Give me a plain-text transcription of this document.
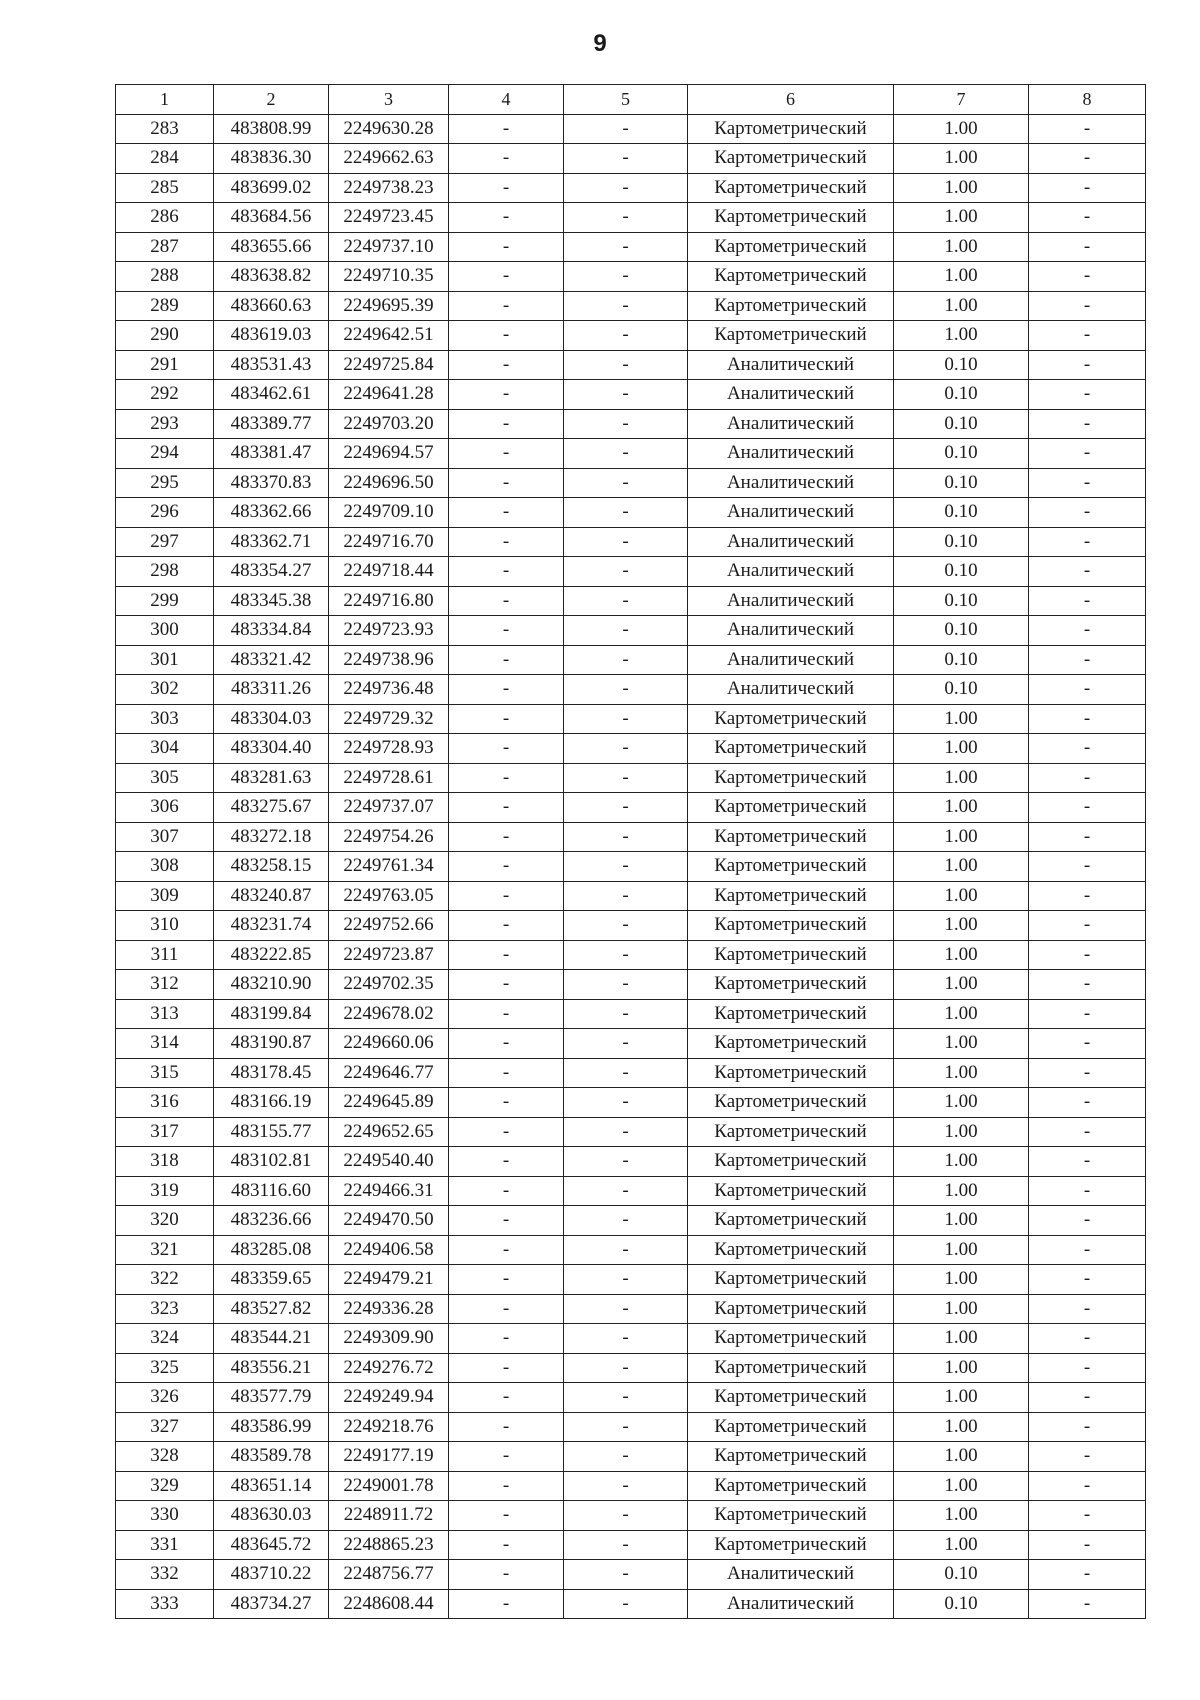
9
1	2	3	4	5	6	7	8
283	483808.99	2249630.28	-	-	Картометрический	1.00	-
284	483836.30	2249662.63	-	-	Картометрический	1.00	-
285	483699.02	2249738.23	-	-	Картометрический	1.00	-
286	483684.56	2249723.45	-	-	Картометрический	1.00	-
287	483655.66	2249737.10	-	-	Картометрический	1.00	-
288	483638.82	2249710.35	-	-	Картометрический	1.00	-
289	483660.63	2249695.39	-	-	Картометрический	1.00	-
290	483619.03	2249642.51	-	-	Картометрический	1.00	-
291	483531.43	2249725.84	-	-	Аналитический	0.10	-
292	483462.61	2249641.28	-	-	Аналитический	0.10	-
293	483389.77	2249703.20	-	-	Аналитический	0.10	-
294	483381.47	2249694.57	-	-	Аналитический	0.10	-
295	483370.83	2249696.50	-	-	Аналитический	0.10	-
296	483362.66	2249709.10	-	-	Аналитический	0.10	-
297	483362.71	2249716.70	-	-	Аналитический	0.10	-
298	483354.27	2249718.44	-	-	Аналитический	0.10	-
299	483345.38	2249716.80	-	-	Аналитический	0.10	-
300	483334.84	2249723.93	-	-	Аналитический	0.10	-
301	483321.42	2249738.96	-	-	Аналитический	0.10	-
302	483311.26	2249736.48	-	-	Аналитический	0.10	-
303	483304.03	2249729.32	-	-	Картометрический	1.00	-
304	483304.40	2249728.93	-	-	Картометрический	1.00	-
305	483281.63	2249728.61	-	-	Картометрический	1.00	-
306	483275.67	2249737.07	-	-	Картометрический	1.00	-
307	483272.18	2249754.26	-	-	Картометрический	1.00	-
308	483258.15	2249761.34	-	-	Картометрический	1.00	-
309	483240.87	2249763.05	-	-	Картометрический	1.00	-
310	483231.74	2249752.66	-	-	Картометрический	1.00	-
311	483222.85	2249723.87	-	-	Картометрический	1.00	-
312	483210.90	2249702.35	-	-	Картометрический	1.00	-
313	483199.84	2249678.02	-	-	Картометрический	1.00	-
314	483190.87	2249660.06	-	-	Картометрический	1.00	-
315	483178.45	2249646.77	-	-	Картометрический	1.00	-
316	483166.19	2249645.89	-	-	Картометрический	1.00	-
317	483155.77	2249652.65	-	-	Картометрический	1.00	-
318	483102.81	2249540.40	-	-	Картометрический	1.00	-
319	483116.60	2249466.31	-	-	Картометрический	1.00	-
320	483236.66	2249470.50	-	-	Картометрический	1.00	-
321	483285.08	2249406.58	-	-	Картометрический	1.00	-
322	483359.65	2249479.21	-	-	Картометрический	1.00	-
323	483527.82	2249336.28	-	-	Картометрический	1.00	-
324	483544.21	2249309.90	-	-	Картометрический	1.00	-
325	483556.21	2249276.72	-	-	Картометрический	1.00	-
326	483577.79	2249249.94	-	-	Картометрический	1.00	-
327	483586.99	2249218.76	-	-	Картометрический	1.00	-
328	483589.78	2249177.19	-	-	Картометрический	1.00	-
329	483651.14	2249001.78	-	-	Картометрический	1.00	-
330	483630.03	2248911.72	-	-	Картометрический	1.00	-
331	483645.72	2248865.23	-	-	Картометрический	1.00	-
332	483710.22	2248756.77	-	-	Аналитический	0.10	-
333	483734.27	2248608.44	-	-	Аналитический	0.10	-
